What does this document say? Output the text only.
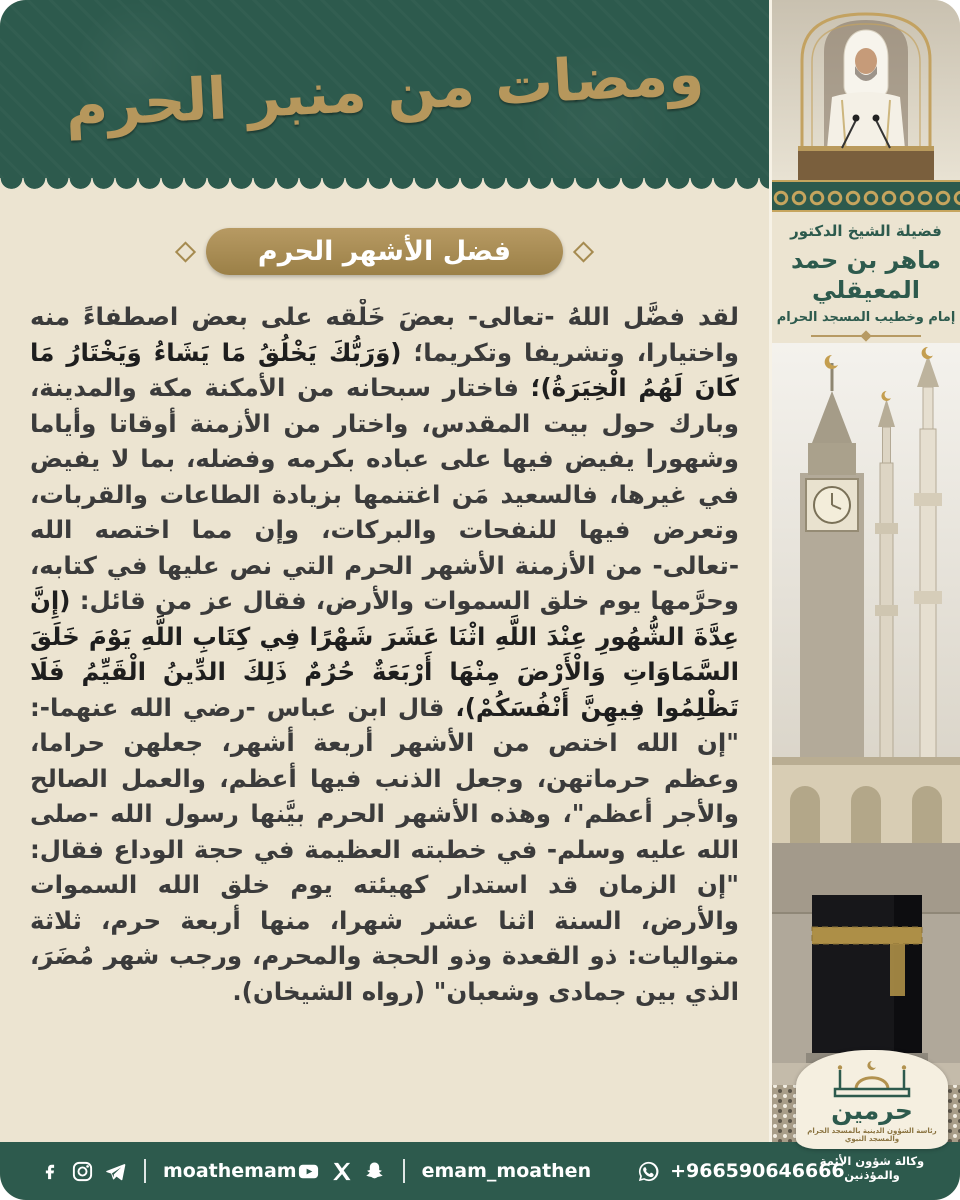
ومضات من منبر الحرم
فضيلة الشيخ الدكتور
ماهر بن حمد المعيقلي
إمام وخطيب المسجد الحرام
فضل الأشهر الحرم

لقد فضَّل اللهُ -تعالى- بعضَ خَلْقه على بعض اصطفاءً منه واختيارا، وتشريفا وتكريما؛ (وَرَبُّكَ يَخْلُقُ مَا يَشَاءُ وَيَخْتَارُ مَا كَانَ لَهُمُ الْخِيَرَةُ)؛ فاختار سبحانه من الأمكنة مكة والمدينة، وبارك حول بيت المقدس، واختار من الأزمنة أوقاتا وأياما وشهورا يفيض فيها على عباده بكرمه وفضله، بما لا يفيض في غيرها، فالسعيد مَن اغتنمها بزيادة الطاعات والقربات، وتعرض فيها للنفحات والبركات، وإن مما اختصه الله -تعالى- من الأزمنة الأشهر الحرم التي نص عليها في كتابه، وحرَّمها يوم خلق السموات والأرض، فقال عز من قائل: (إِنَّ عِدَّةَ الشُّهُورِ عِنْدَ اللَّهِ اثْنَا عَشَرَ شَهْرًا فِي كِتَابِ اللَّهِ يَوْمَ خَلَقَ السَّمَاوَاتِ وَالْأَرْضَ مِنْهَا أَرْبَعَةٌ حُرُمٌ ذَلِكَ الدِّينُ الْقَيِّمُ فَلَا تَظْلِمُوا فِيهِنَّ أَنْفُسَكُمْ)، قال ابن عباس -رضي الله عنهما-: "إن الله اختص من الأشهر أربعة أشهر، جعلهن حراما، وعظم حرماتهن، وجعل الذنب فيها أعظم، والعمل الصالح والأجر أعظم"، وهذه الأشهر الحرم بيَّنها رسول الله -صلى الله عليه وسلم- في خطبته العظيمة في حجة الوداع فقال: "إن الزمان قد استدار كهيئته يوم خلق الله السموات والأرض، السنة اثنا عشر شهرا، منها أربعة حرم، ثلاثة متواليات: ذو القعدة وذو الحجة والمحرم، ورجب شهر مُضَرَ، الذي بين جمادى وشعبان" (رواه الشيخان).

moathemam	emam_moathen	+966590646666
حرمين
رئاسة الشؤون الدينية بالمسجد الحرام والمسجد النبوي
وكالة شؤون الأئمة والمؤذنين
